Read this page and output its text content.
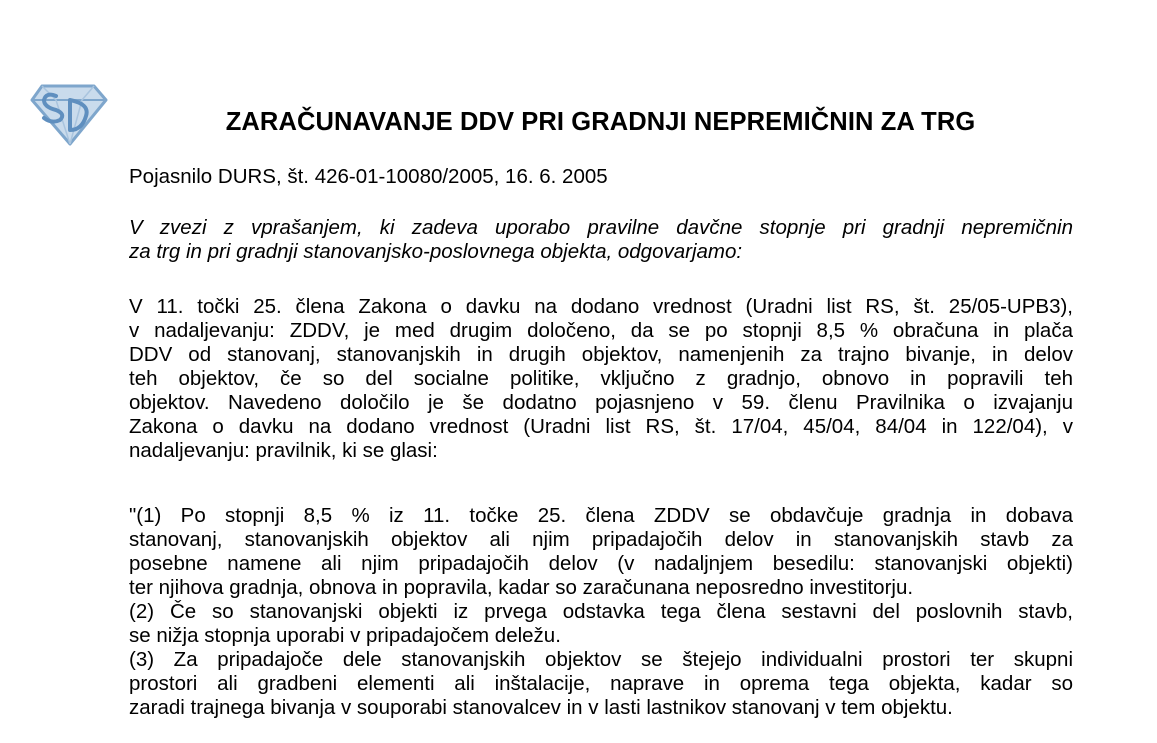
ZARAČUNAVANJE DDV PRI GRADNJI NEPREMIČNIN ZA TRG

Pojasnilo DURS, št. 426-01-10080/2005, 16. 6. 2005

V zvezi z vprašanjem, ki zadeva uporabo pravilne davčne stopnje pri gradnji nepremičnin
za trg in pri gradnji stanovanjsko-poslovnega objekta, odgovarjamo:
V 11. točki 25. člena Zakona o davku na dodano vrednost (Uradni list RS, št. 25/05-UPB3),
v nadaljevanju: ZDDV, je med drugim določeno, da se po stopnji 8,5 % obračuna in plača
DDV od stanovanj, stanovanjskih in drugih objektov, namenjenih za trajno bivanje, in delov
teh objektov, če so del socialne politike, vključno z gradnjo, obnovo in popravili teh
objektov. Navedeno določilo je še dodatno pojasnjeno v 59. členu Pravilnika o izvajanju
Zakona o davku na dodano vrednost (Uradni list RS, št. 17/04, 45/04, 84/04 in 122/04), v
nadaljevanju: pravilnik, ki se glasi:
"(1) Po stopnji 8,5 % iz 11. točke 25. člena ZDDV se obdavčuje gradnja in dobava
stanovanj, stanovanjskih objektov ali njim pripadajočih delov in stanovanjskih stavb za
posebne namene ali njim pripadajočih delov (v nadaljnjem besedilu: stanovanjski objekti)
ter njihova gradnja, obnova in popravila, kadar so zaračunana neposredno investitorju.
(2) Če so stanovanjski objekti iz prvega odstavka tega člena sestavni del poslovnih stavb,
se nižja stopnja uporabi v pripadajočem deležu.
(3) Za pripadajoče dele stanovanjskih objektov se štejejo individualni prostori ter skupni
prostori ali gradbeni elementi ali inštalacije, naprave in oprema tega objekta, kadar so
zaradi trajnega bivanja v souporabi stanovalcev in v lasti lastnikov stanovanj v tem objektu.
